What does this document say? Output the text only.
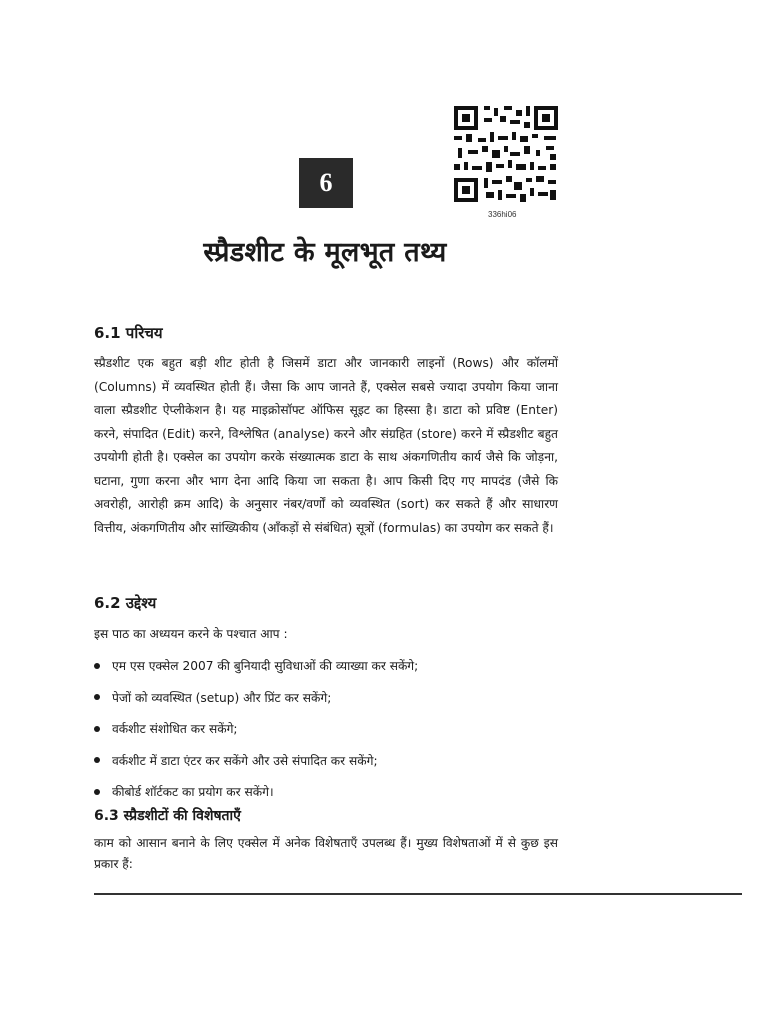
6
336hi06
स्प्रैडशीट के मूलभूत तथ्य
6.1 परिचय
स्प्रैडशीट एक बहुत बड़ी शीट होती है जिसमें डाटा और जानकारी लाइनों (Rows) और कॉलमों (Columns) में व्यवस्थित होती हैं। जैसा कि आप जानते हैं, एक्सेल सबसे ज्यादा उपयोग किया जाना वाला स्प्रैडशीट ऐप्लीकेशन है। यह माइक्रोसॉफ्ट ऑफिस सूइट का हिस्सा है। डाटा को प्रविष्ट (Enter) करने, संपादित (Edit) करने, विश्लेषित (analyse) करने और संग्रहित (store) करने में स्प्रैडशीट बहुत उपयोगी होती है। एक्सेल का उपयोग करके संख्यात्मक डाटा के साथ अंकगणितीय कार्य जैसे कि जोड़ना, घटाना, गुणा करना और भाग देना आदि किया जा सकता है। आप किसी दिए गए मापदंड (जैसे कि अवरोही, आरोही क्रम आदि) के अनुसार नंबर/वर्णों को व्यवस्थित (sort) कर सकते हैं और साधारण वित्तीय, अंकगणितीय और सांख्यिकीय (आँकड़ों से संबंधित) सूत्रों (formulas) का उपयोग कर सकते हैं।
6.2 उद्देश्य
इस पाठ का अध्ययन करने के पश्चात आप :
एम एस एक्सेल 2007 की बुनियादी सुविधाओं की व्याख्या कर सकेंगे;
पेजों को व्यवस्थित (setup) और प्रिंट कर सकेंगे;
वर्कशीट संशोधित कर सकेंगे;
वर्कशीट में डाटा एंटर कर सकेंगे और उसे संपादित कर सकेंगे;
कीबोर्ड शॉर्टकट का प्रयोग कर सकेंगे।
6.3 स्प्रैडशीटों की विशेषताएँ
काम को आसान बनाने के लिए एक्सेल में अनेक विशेषताएँ उपलब्ध हैं। मुख्य विशेषताओं में से कुछ इस प्रकार हैं:
